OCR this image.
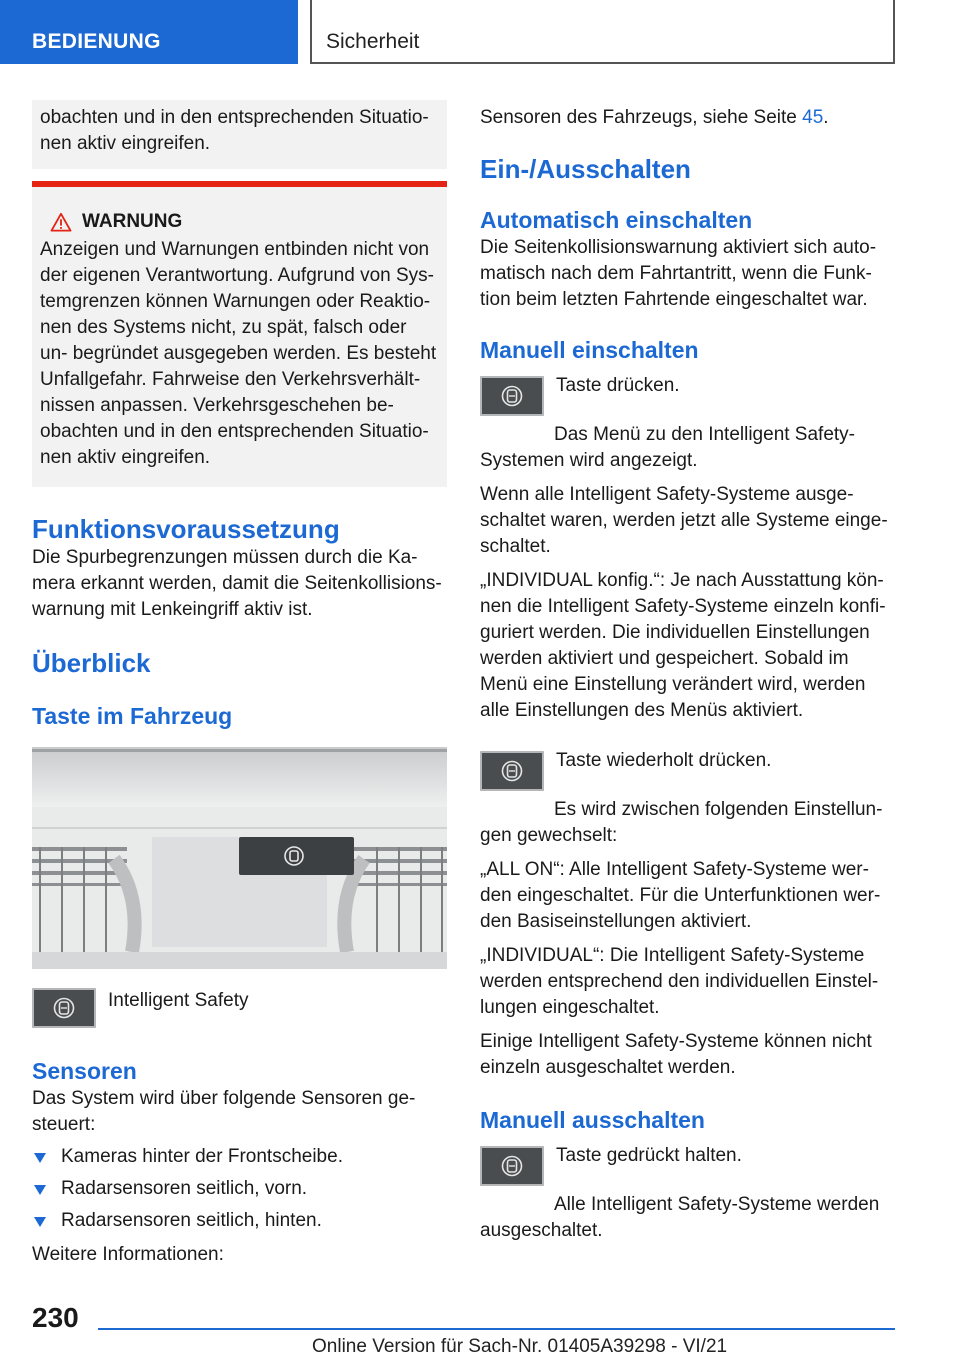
BEDIENUNG	Sicherheit

obachten und in den entsprechenden Situatio- nen aktiv eingreifen.

WARNUNG

Anzeigen und Warnungen entbinden nicht von der eigenen Verantwortung. Aufgrund von Sys- temgrenzen können Warnungen oder Reaktio- nen des Systems nicht, zu spät, falsch oder un- begründet ausgegeben werden. Es besteht Unfallgefahr. Fahrweise den Verkehrsverhält- nissen anpassen. Verkehrsgeschehen be- obachten und in den entsprechenden Situatio- nen aktiv eingreifen.

Funktionsvoraussetzung

Die Spurbegrenzungen müssen durch die Ka- mera erkannt werden, damit die Seitenkollisions- warnung mit Lenkeingriff aktiv ist.

Überblick
Taste im Fahrzeug

Intelligent Safety

Sensoren

Das System wird über folgende Sensoren ge- steuert:

Kameras hinter der Frontscheibe.
Radarsensoren seitlich, vorn.
Radarsensoren seitlich, hinten.

Weitere Informationen:

Sensoren des Fahrzeugs, siehe Seite 45.

Ein-/Ausschalten
Automatisch einschalten

Die Seitenkollisionswarnung aktiviert sich auto- matisch nach dem Fahrtantritt, wenn die Funk- tion beim letzten Fahrtende eingeschaltet war.

Manuell einschalten

Taste drücken.

Das Menü zu den Intelligent Safety- Systemen wird angezeigt.

Wenn alle Intelligent Safety-Systeme ausge- schaltet waren, werden jetzt alle Systeme einge- schaltet.

„INDIVIDUAL konfig.“: Je nach Ausstattung kön- nen die Intelligent Safety-Systeme einzeln konfi- guriert werden. Die individuellen Einstellungen werden aktiviert und gespeichert. Sobald im Menü eine Einstellung verändert wird, werden alle Einstellungen des Menüs aktiviert.

Taste wiederholt drücken.

Es wird zwischen folgenden Einstellun- gen gewechselt:

„ALL ON“: Alle Intelligent Safety-Systeme wer- den eingeschaltet. Für die Unterfunktionen wer- den Basiseinstellungen aktiviert.

„INDIVIDUAL“: Die Intelligent Safety-Systeme werden entsprechend den individuellen Einstel- lungen eingeschaltet.

Einige Intelligent Safety-Systeme können nicht einzeln ausgeschaltet werden.

Manuell ausschalten

Taste gedrückt halten.

Alle Intelligent Safety-Systeme werden ausgeschaltet.

230
Online Version für Sach-Nr. 01405A39298 - VI/21
